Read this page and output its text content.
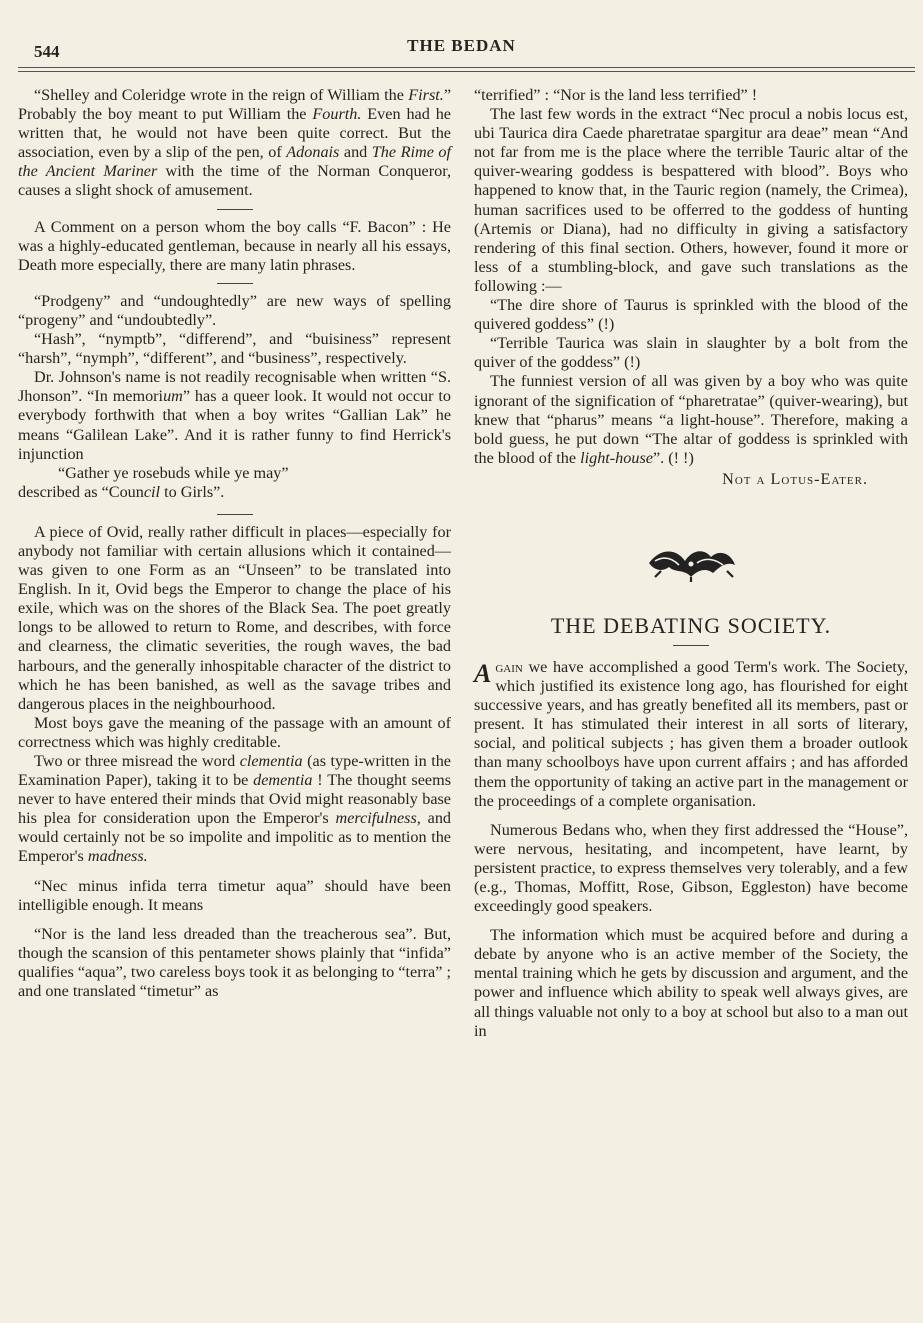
544	THE BEDAN

“Shelley and Coleridge wrote in the reign of William the First.” Probably the boy meant to put William the Fourth. Even had he written that, he would not have been quite correct. But the association, even by a slip of the pen, of Adonais and The Rime of the Ancient Mariner with the time of the Norman Conqueror, causes a slight shock of amusement.

A Comment on a person whom the boy calls “F. Bacon” : He was a highly-educated gentleman, because in nearly all his essays, Death more especially, there are many latin phrases.

“Prodgeny” and “undoughtedly” are new ways of spelling “progeny” and “undoubtedly”.

“Hash”, “nymptb”, “differend”, and “buisiness” represent “harsh”, “nymph”, “different”, and “business”, respectively.

Dr. Johnson's name is not readily recognisable when written “S. Jhonson”. “In memorium” has a queer look. It would not occur to everybody forthwith that when a boy writes “Gallian Lak” he means “Galilean Lake”. And it is rather funny to find Herrick's injunction

“Gather ye rosebuds while ye may”

described as “Council to Girls”.

A piece of Ovid, really rather difficult in places—especially for anybody not familiar with certain allusions which it contained—was given to one Form as an “Unseen” to be translated into English. In it, Ovid begs the Emperor to change the place of his exile, which was on the shores of the Black Sea. The poet greatly longs to be allowed to return to Rome, and describes, with force and clearness, the climatic severities, the rough waves, the bad harbours, and the generally inhospitable character of the district to which he has been banished, as well as the savage tribes and dangerous places in the neighbourhood.

Most boys gave the meaning of the passage with an amount of correctness which was highly creditable.

Two or three misread the word clementia (as type-written in the Examination Paper), taking it to be dementia ! The thought seems never to have entered their minds that Ovid might reasonably base his plea for consideration upon the Emperor's mercifulness, and would certainly not be so impolite and impolitic as to mention the Emperor's madness.

“Nec minus infida terra timetur aqua” should have been intelligible enough. It means

“Nor is the land less dreaded than the treacherous sea”. But, though the scansion of this pentameter shows plainly that “infida” qualifies “aqua”, two careless boys took it as belonging to “terra” ; and one translated “timetur” as

“terrified” : “Nor is the land less terrified” !

The last few words in the extract “Nec procul a nobis locus est, ubi Taurica dira Caede pharetratae spargitur ara deae” mean “And not far from me is the place where the terrible Tauric altar of the quiver-wearing goddess is bespattered with blood”. Boys who happened to know that, in the Tauric region (namely, the Crimea), human sacrifices used to be offerred to the goddess of hunting (Artemis or Diana), had no difficulty in giving a satisfactory rendering of this final section. Others, however, found it more or less of a stumbling-block, and gave such translations as the following :—

“The dire shore of Taurus is sprinkled with the blood of the quivered goddess” (!)

“Terrible Taurica was slain in slaughter by a bolt from the quiver of the goddess” (!)

The funniest version of all was given by a boy who was quite ignorant of the signification of “pharetratae” (quiver-wearing), but knew that “pharus” means “a light-house”. Therefore, making a bold guess, he put down “The altar of goddess is sprinkled with the blood of the light-house”. (! !)

Not a Lotus-Eater.
THE DEBATING SOCIETY.

Again we have accomplished a good Term's work. The Society, which justified its existence long ago, has flourished for eight successive years, and has greatly benefited all its members, past or present. It has stimulated their interest in all sorts of literary, social, and political subjects ; has given them a broader outlook than many schoolboys have upon current affairs ; and has afforded them the opportunity of taking an active part in the management or the proceedings of a complete organisation.

Numerous Bedans who, when they first addressed the “House”, were nervous, hesitating, and incompetent, have learnt, by persistent practice, to express themselves very tolerably, and a few (e.g., Thomas, Moffitt, Rose, Gibson, Eggleston) have become exceedingly good speakers.

The information which must be acquired before and during a debate by anyone who is an active member of the Society, the mental training which he gets by discussion and argument, and the power and influence which ability to speak well always gives, are all things valuable not only to a boy at school but also to a man out in
